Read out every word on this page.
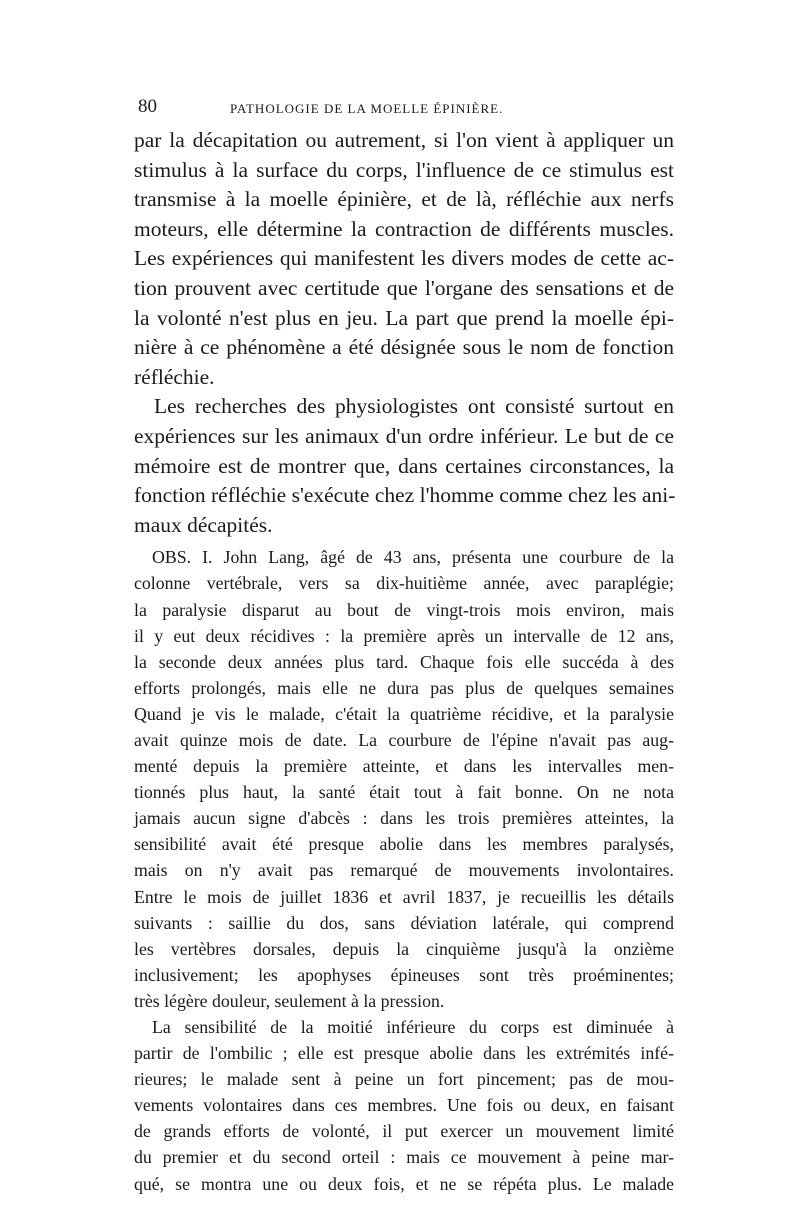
80	PATHOLOGIE DE LA MOELLE ÉPINIÈRE.
par la décapitation ou autrement, si l'on vient à appliquer un
stimulus à la surface du corps, l'influence de ce stimulus est
transmise à la moelle épinière, et de là, réfléchie aux nerfs
moteurs, elle détermine la contraction de différents muscles.
Les expériences qui manifestent les divers modes de cette ac-
tion prouvent avec certitude que l'organe des sensations et de
la volonté n'est plus en jeu. La part que prend la moelle épi-
nière à ce phénomène a été désignée sous le nom de fonction
réfléchie.
Les recherches des physiologistes ont consisté surtout en
expériences sur les animaux d'un ordre inférieur. Le but de ce
mémoire est de montrer que, dans certaines circonstances, la
fonction réfléchie s'exécute chez l'homme comme chez les ani-
maux décapités.
OBS. I. John Lang, âgé de 43 ans, présenta une courbure de la
colonne vertébrale, vers sa dix-huitième année, avec paraplégie;
la paralysie disparut au bout de vingt-trois mois environ, mais
il y eut deux récidives : la première après un intervalle de 12 ans,
la seconde deux années plus tard. Chaque fois elle succéda à des
efforts prolongés, mais elle ne dura pas plus de quelques semaines
Quand je vis le malade, c'était la quatrième récidive, et la paralysie
avait quinze mois de date. La courbure de l'épine n'avait pas aug-
menté depuis la première atteinte, et dans les intervalles men-
tionnés plus haut, la santé était tout à fait bonne. On ne nota
jamais aucun signe d'abcès : dans les trois premières atteintes, la
sensibilité avait été presque abolie dans les membres paralysés,
mais on n'y avait pas remarqué de mouvements involontaires.
Entre le mois de juillet 1836 et avril 1837, je recueillis les détails
suivants : saillie du dos, sans déviation latérale, qui comprend
les vertèbres dorsales, depuis la cinquième jusqu'à la onzième
inclusivement; les apophyses épineuses sont très proéminentes;
très légère douleur, seulement à la pression.
La sensibilité de la moitié inférieure du corps est diminuée à
partir de l'ombilic ; elle est presque abolie dans les extrémités infé-
rieures; le malade sent à peine un fort pincement; pas de mou-
vements volontaires dans ces membres. Une fois ou deux, en faisant
de grands efforts de volonté, il put exercer un mouvement limité
du premier et du second orteil : mais ce mouvement à peine mar-
qué, se montra une ou deux fois, et ne se répéta plus. Le malade
